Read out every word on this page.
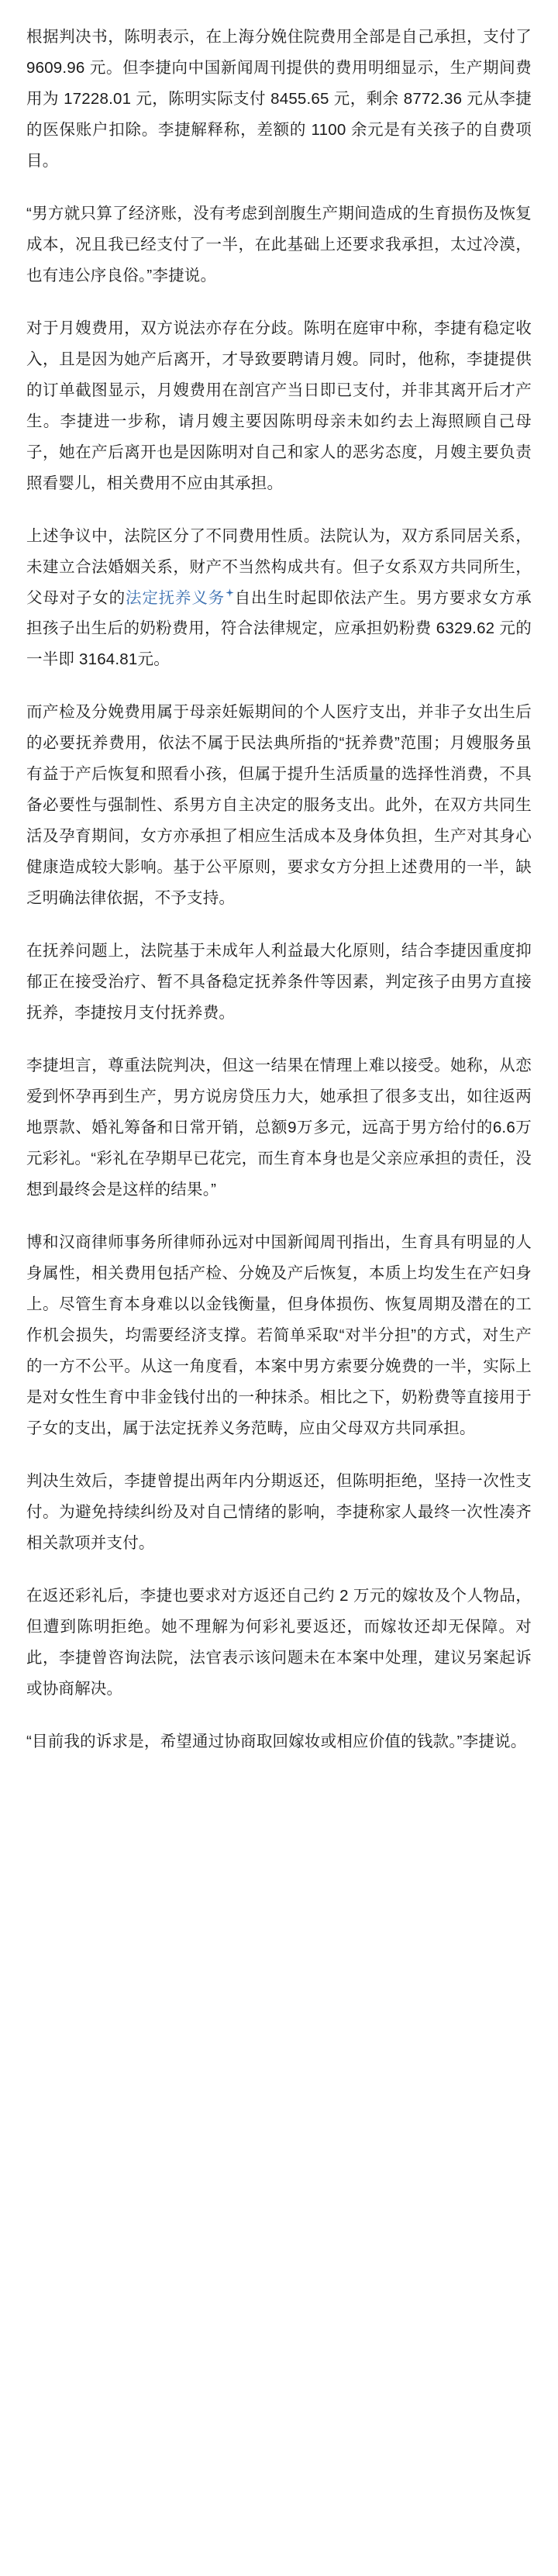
根据判决书，陈明表示，在上海分娩住院费用全部是自己承担，支付了 9609.96 元。但李捷向中国新闻周刊提供的费用明细显示，生产期间费用为 17228.01 元，陈明实际支付 8455.65 元，剩余 8772.36 元从李捷的医保账户扣除。李捷解释称，差额的 1100 余元是有关孩子的自费项目。

“男方就只算了经济账，没有考虑到剖腹生产期间造成的生育损伤及恢复成本，况且我已经支付了一半，在此基础上还要求我承担，太过冷漠，也有违公序良俗。”李捷说。

对于月嫂费用，双方说法亦存在分歧。陈明在庭审中称，李捷有稳定收入，且是因为她产后离开，才导致要聘请月嫂。同时，他称，李捷提供的订单截图显示，月嫂费用在剖宫产当日即已支付，并非其离开后才产生。李捷进一步称，请月嫂主要因陈明母亲未如约去上海照顾自己母子，她在产后离开也是因陈明对自己和家人的恶劣态度，月嫂主要负责照看婴儿，相关费用不应由其承担。

上述争议中，法院区分了不同费用性质。法院认为，双方系同居关系，未建立合法婚姻关系，财产不当然构成共有。但子女系双方共同所生，父母对子女的法定抚养义务 自出生时起即依法产生。男方要求女方承担孩子出生后的奶粉费用，符合法律规定，应承担奶粉费 6329.62 元的一半即 3164.81元。

而产检及分娩费用属于母亲妊娠期间的个人医疗支出，并非子女出生后的必要抚养费用，依法不属于民法典所指的“抚养费”范围；月嫂服务虽有益于产后恢复和照看小孩，但属于提升生活质量的选择性消费，不具备必要性与强制性、系男方自主决定的服务支出。此外，在双方共同生活及孕育期间，女方亦承担了相应生活成本及身体负担，生产对其身心健康造成较大影响。基于公平原则，要求女方分担上述费用的一半，缺乏明确法律依据，不予支持。

在抚养问题上，法院基于未成年人利益最大化原则，结合李捷因重度抑郁正在接受治疗、暂不具备稳定抚养条件等因素，判定孩子由男方直接抚养，李捷按月支付抚养费。

李捷坦言，尊重法院判决，但这一结果在情理上难以接受。她称，从恋爱到怀孕再到生产，男方说房贷压力大，她承担了很多支出，如往返两地票款、婚礼筹备和日常开销，总额9万多元，远高于男方给付的6.6万元彩礼。“彩礼在孕期早已花完，而生育本身也是父亲应承担的责任，没想到最终会是这样的结果。”

博和汉商律师事务所律师孙远对中国新闻周刊指出，生育具有明显的人身属性，相关费用包括产检、分娩及产后恢复，本质上均发生在产妇身上。尽管生育本身难以以金钱衡量，但身体损伤、恢复周期及潜在的工作机会损失，均需要经济支撑。若简单采取“对半分担”的方式，对生产的一方不公平。从这一角度看，本案中男方索要分娩费的一半，实际上是对女性生育中非金钱付出的一种抹杀。相比之下，奶粉费等直接用于子女的支出，属于法定抚养义务范畴，应由父母双方共同承担。

判决生效后，李捷曾提出两年内分期返还，但陈明拒绝，坚持一次性支付。为避免持续纠纷及对自己情绪的影响，李捷称家人最终一次性凑齐相关款项并支付。

在返还彩礼后，李捷也要求对方返还自己约 2 万元的嫁妆及个人物品，但遭到陈明拒绝。她不理解为何彩礼要返还，而嫁妆还却无保障。对此，李捷曾咨询法院，法官表示该问题未在本案中处理，建议另案起诉或协商解决。

“目前我的诉求是，希望通过协商取回嫁妆或相应价值的钱款。”李捷说。
